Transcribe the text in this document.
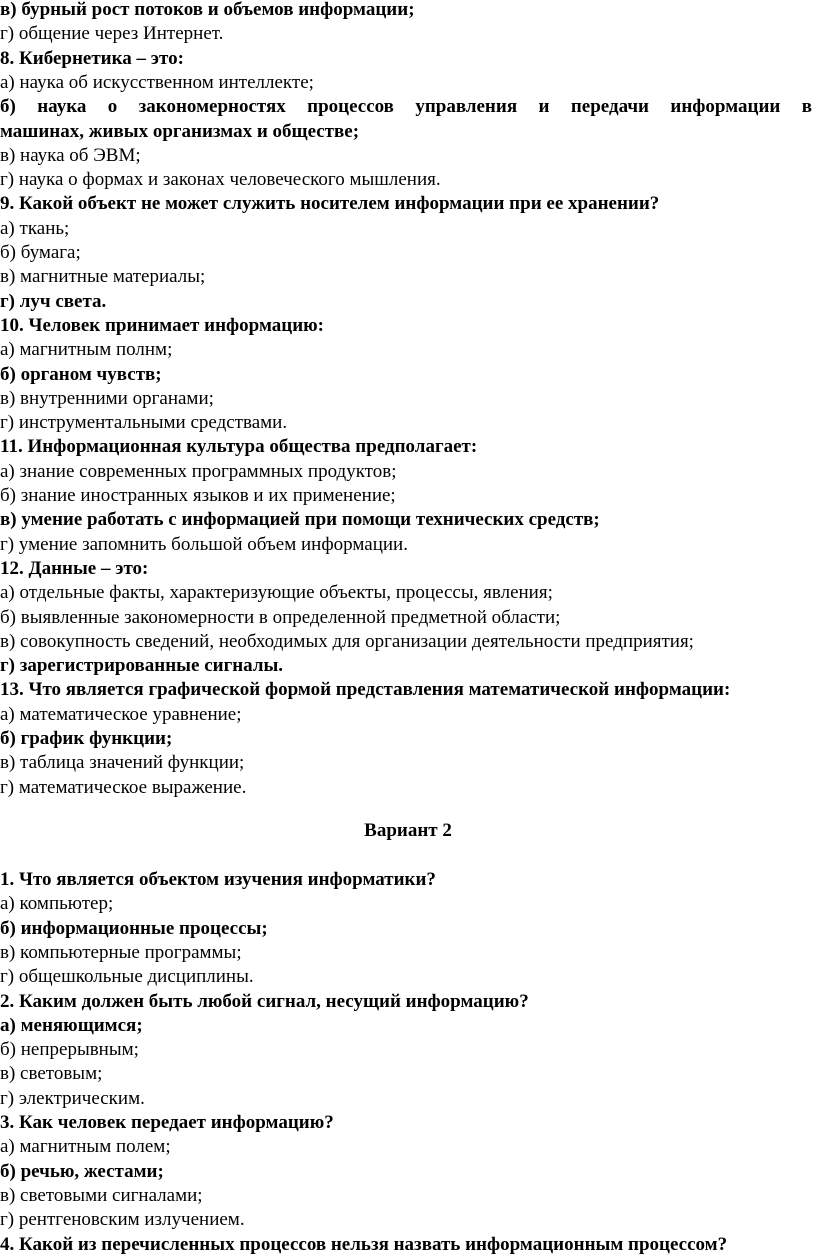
в) бурный рост потоков и объемов информации;
г) общение через Интернет.
8. Кибернетика – это:
а) наука об искусственном интеллекте;
б) наука о закономерностях процессов управления и передачи информации в
машинах, живых организмах и обществе;
в) наука об ЭВМ;
г) наука о формах и законах человеческого мышления.
9. Какой объект не может служить носителем информации при ее хранении?
а) ткань;
б) бумага;
в) магнитные материалы;
г) луч света.
10. Человек принимает информацию:
а) магнитным полнм;
б) органом чувств;
в) внутренними органами;
г) инструментальными средствами.
11. Информационная культура общества предполагает:
а) знание современных программных продуктов;
б) знание иностранных языков и их применение;
в) умение работать с информацией при помощи технических средств;
г) умение запомнить большой объем информации.
12. Данные – это:
а) отдельные факты, характеризующие объекты, процессы, явления;
б) выявленные закономерности в определенной предметной области;
в) совокупность сведений, необходимых для организации деятельности предприятия;
г) зарегистрированные сигналы.
13. Что является графической формой представления математической информации:
а) математическое уравнение;
б) график функции;
в) таблица значений функции;
г) математическое выражение.
Вариант 2
1. Что является объектом изучения информатики?
а) компьютер;
б) информационные процессы;
в) компьютерные программы;
г) общешкольные дисциплины.
2. Каким должен быть любой сигнал, несущий информацию?
а) меняющимся;
б) непрерывным;
в) световым;
г) электрическим.
3. Как человек передает информацию?
а) магнитным полем;
б) речью, жестами;
в) световыми сигналами;
г) рентгеновским излучением.
4. Какой из перечисленных процессов нельзя назвать информационным процессом?
